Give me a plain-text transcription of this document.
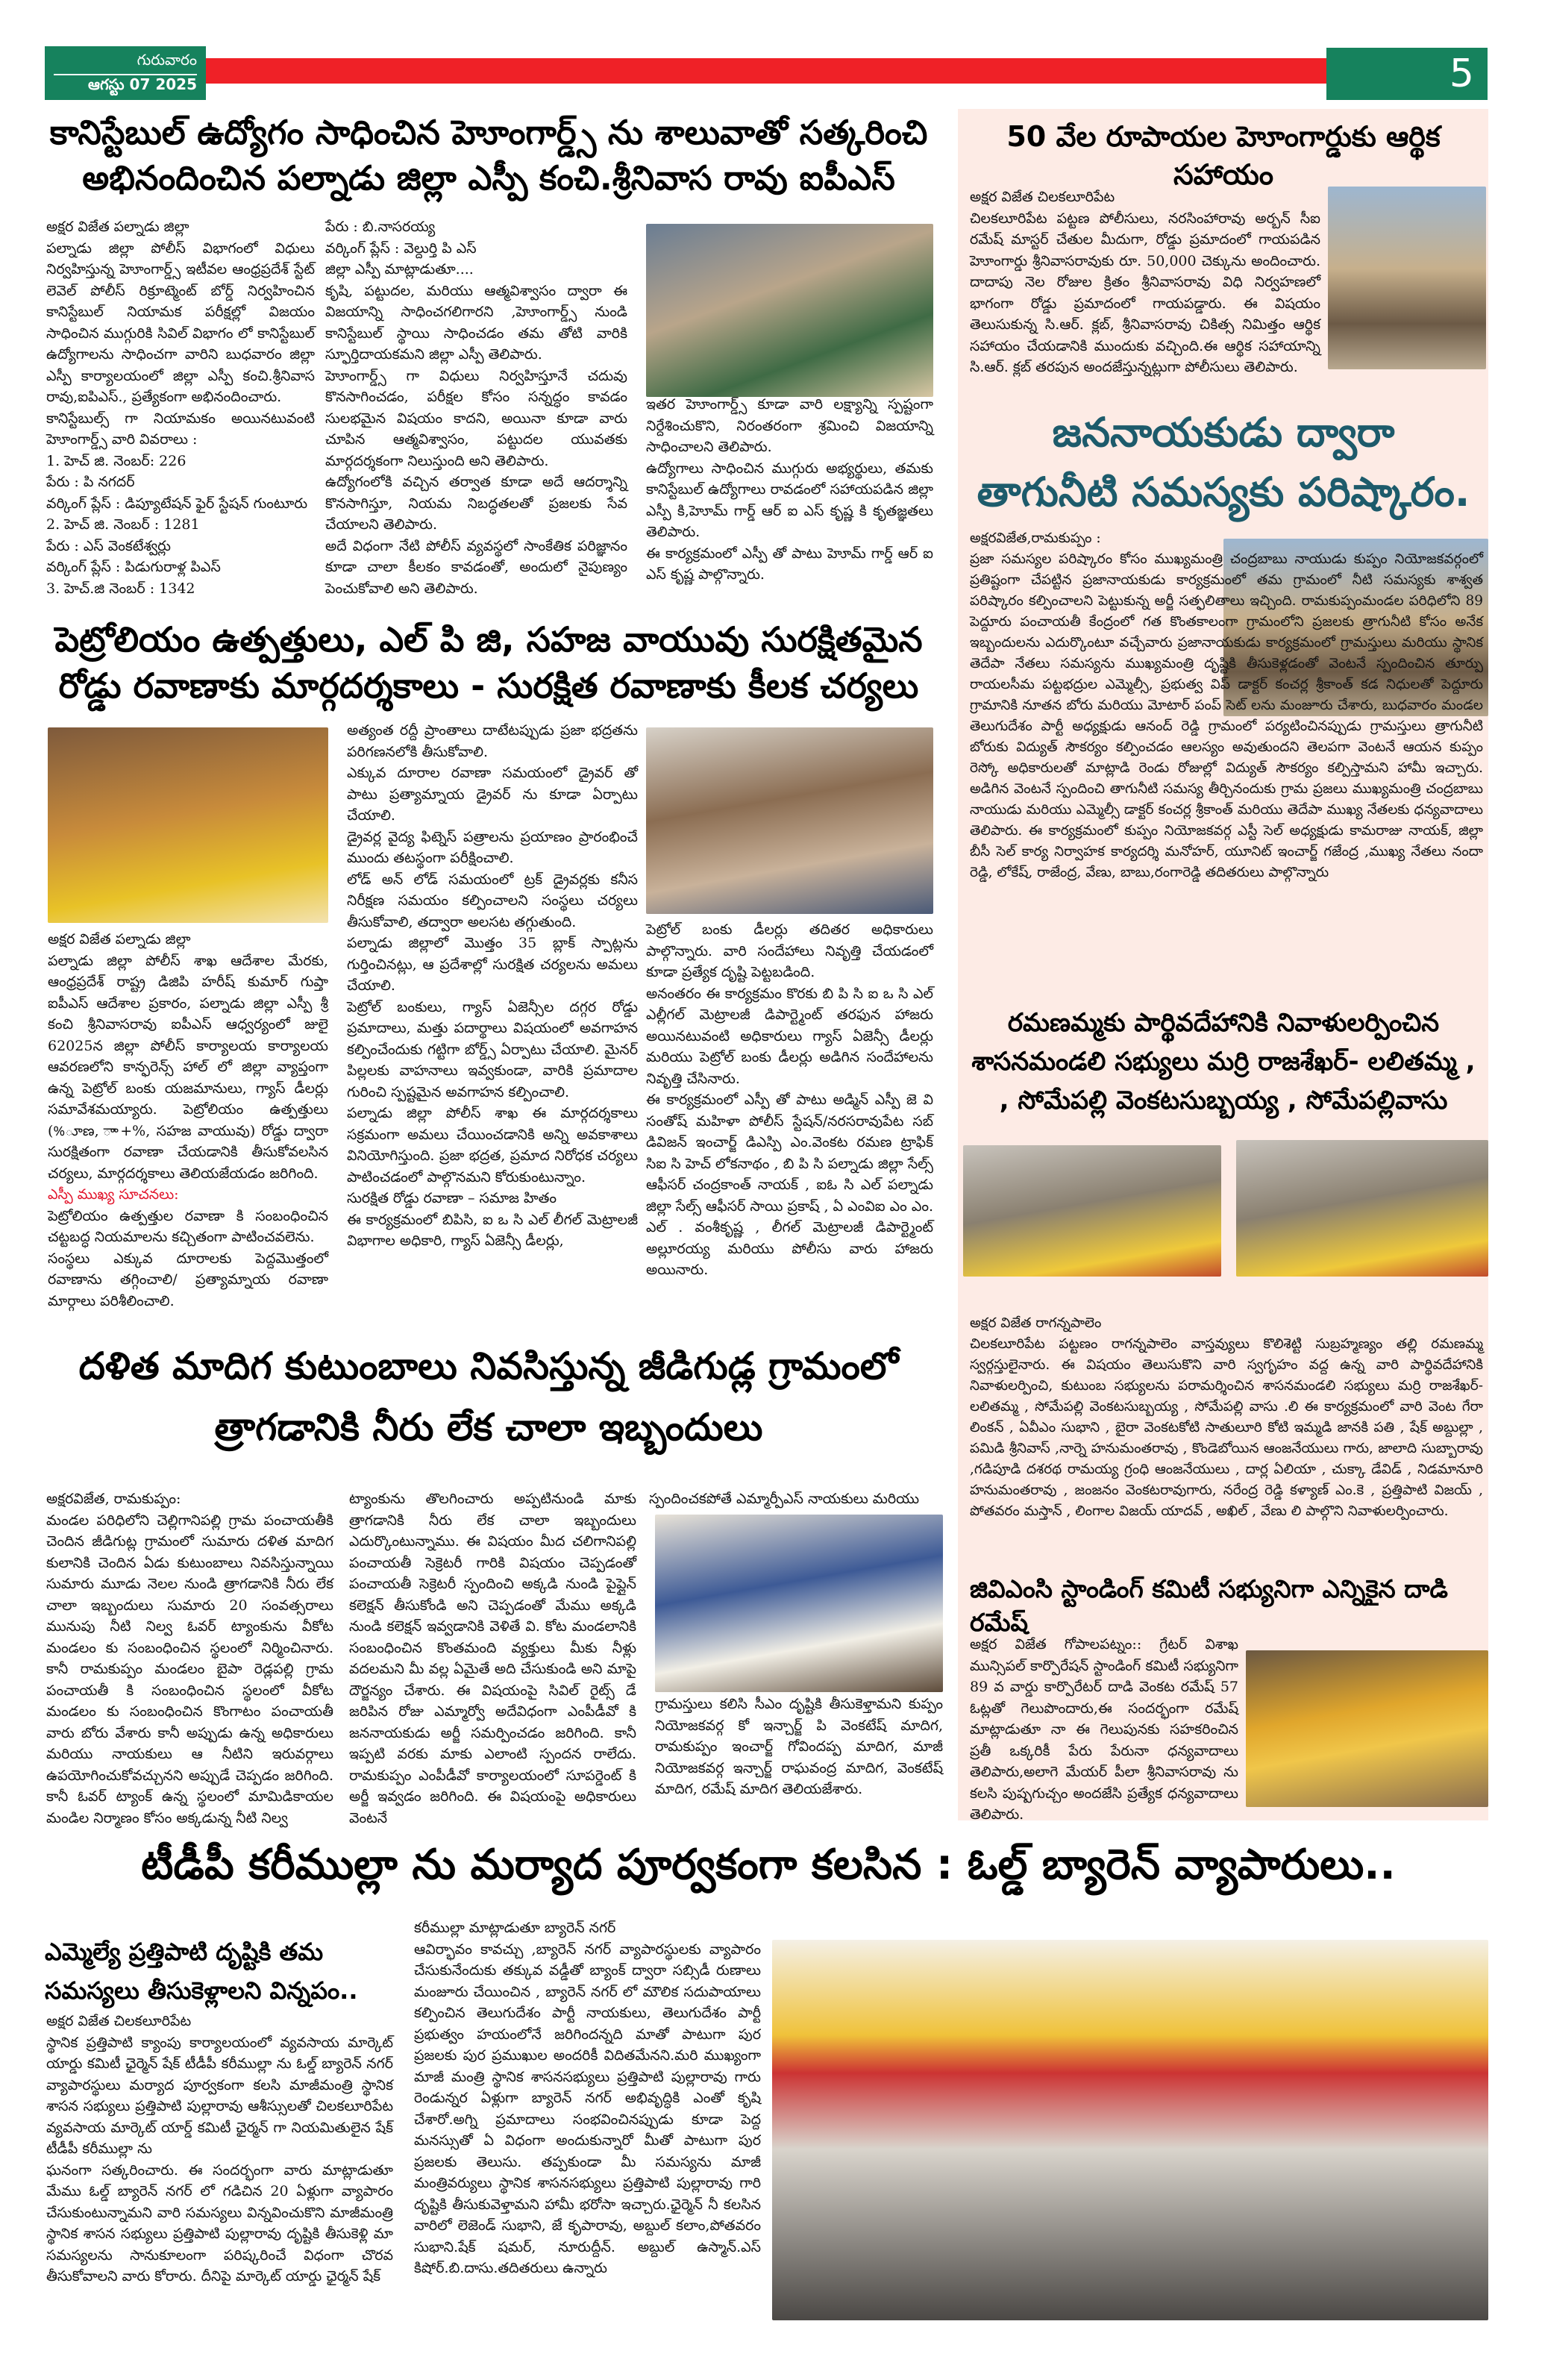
గురువారం
ఆగస్టు 07 2025	5
కానిస్టేబుల్ ఉద్యోగం సాధించిన హెూంగార్డ్స్ ను శాలువాతో సత్కరించి
అభినందించిన పల్నాడు జిల్లా ఎస్పీ కంచి.శ్రీనివాస రావు ఐపీఎస్

అక్షర విజేత పల్నాడు జిల్లా

పల్నాడు జిల్లా పోలీస్ విభాగంలో విధులు నిర్వహిస్తున్న హెూంగార్డ్స్ ఇటీవల ఆంధ్రప్రదేశ్ స్టేట్ లెవెల్ పోలీస్ రిక్రూట్మెంట్ బోర్డ్ నిర్వహించిన కానిస్టేబుల్ నియామక పరీక్షల్లో విజయం సాధించిన ముగ్గురికి సివిల్ విభాగం లో కానిస్టేబుల్ ఉద్యోగాలను సాధించగా వారిని బుధవారం జిల్లా ఎస్పీ కార్యాలయంలో జిల్లా ఎస్పీ కంచి.శ్రీనివాస రావు,ఐపిఎస్., ప్రత్యేకంగా అభినందించారు.

కానిస్టేబుల్స్ గా నియామకం అయినటువంటి హెూంగార్డ్స్ వారి వివరాలు :

1. హెచ్ జి. నెంబర్: 226

పేరు : పి నగదర్

వర్కింగ్ ప్లేస్ : డిప్యూటేషన్ ఫైర్ స్టేషన్ గుంటూరు

2. హెచ్ జి. నెంబర్ : 1281

పేరు : ఎస్ వెంకటేశ్వర్లు

వర్కింగ్ ప్లేస్ : పిడుగురాళ్ల పిఎస్

3. హెచ్.జి నెంబర్ : 1342

పేరు : బి.నాసరయ్య

వర్కింగ్ ప్లేస్ : వెల్దుర్తి పి ఎస్

జిల్లా ఎస్పీ మాట్లాడుతూ....

కృషి, పట్టుదల, మరియు ఆత్మవిశ్వాసం ద్వారా ఈ విజయాన్ని సాధించగలిగారని ,హెూంగార్డ్స్ నుండి కానిస్టేబుల్ స్థాయి సాధించడం తమ తోటి వారికి స్ఫూర్తిదాయకమని జిల్లా ఎస్పీ తెలిపారు.

హెూంగార్డ్స్ గా విధులు నిర్వహిస్తూనే చదువు కొనసాగించడం, పరీక్షల కోసం సన్నద్ధం కావడం సులభమైన విషయం కాదని, అయినా కూడా వారు చూపిన ఆత్మవిశ్వాసం, పట్టుదల యువతకు మార్గదర్శకంగా నిలుస్తుంది అని తెలిపారు.

ఉద్యోగంలోకి వచ్చిన తర్వాత కూడా అదే ఆదర్శాన్ని కొనసాగిస్తూ, నియమ నిబద్ధతలతో ప్రజలకు సేవ చేయాలని తెలిపారు.

అదే విధంగా నేటి పోలీస్ వ్యవస్థలో సాంకేతిక పరిజ్ఞానం కూడా చాలా కీలకం కావడంతో, అందులో నైపుణ్యం పెంచుకోవాలి అని తెలిపారు.

ఇతర హెూంగార్డ్స్ కూడా వారి లక్ష్యాన్ని స్పష్టంగా నిర్దేశించుకొని, నిరంతరంగా శ్రమించి విజయాన్ని సాధించాలని తెలిపారు.

ఉద్యోగాలు సాధించిన ముగ్గురు అభ్యర్థులు, తమకు కానిస్టేబుల్ ఉద్యోగాలు రావడంలో సహాయపడిన జిల్లా ఎస్పీ కి,హెూమ్ గార్డ్ ఆర్ ఐ ఎస్ కృష్ణ కి కృతజ్ఞతలు తెలిపారు.

ఈ కార్యక్రమంలో ఎస్పీ తో పాటు హెూమ్ గార్డ్ ఆర్ ఐ ఎస్ కృష్ణ పాల్గొన్నారు.

పెట్రోలియం ఉత్పత్తులు, ఎల్ పి జి, సహజ వాయువు సురక్షితమైన
రోడ్డు రవాణాకు మార్గదర్శకాలు - సురక్షిత రవాణాకు కీలక చర్యలు

అక్షర విజేత పల్నాడు జిల్లా

పల్నాడు జిల్లా పోలీస్ శాఖ ఆదేశాల మేరకు, ఆంధ్రప్రదేశ్ రాష్ట్ర డిజిపి హరీష్ కుమార్ గుప్తా ఐపీఎస్ ఆదేశాల ప్రకారం, పల్నాడు జిల్లా ఎస్పీ శ్రీ కంచి శ్రీనివాసరావు ఐపీఎస్ ఆధ్వర్యంలో జులై 62025న జిల్లా పోలీస్ కార్యాలయ కార్యాలయ ఆవరణలోని కాన్ఫరెన్స్ హాల్ లో జిల్లా వ్యాప్తంగా ఉన్న పెట్రోల్ బంకు యజమానులు, గ్యాస్ డీలర్లు సమావేశమయ్యారు. పెట్రోలియం ఉత్పత్తులు (%ూణ, ాా+%, సహజ వాయువు) రోడ్డు ద్వారా సురక్షితంగా రవాణా చేయడానికి తీసుకోవలసిన చర్యలు, మార్గదర్శకాలు తెలియజేయడం జరిగింది.

ఎస్పీ ముఖ్య సూచనలు:

పెట్రోలియం ఉత్పత్తుల రవాణా కి సంబంధించిన చట్టబద్ధ నియమాలను కచ్చితంగా పాటించవలెను.

సంస్థలు ఎక్కువ దూరాలకు పెద్దమొత్తంలో రవాణాను తగ్గించాలి/ ప్రత్యామ్నాయ రవాణా మార్గాలు పరిశీలించాలి.

అత్యంత రద్దీ ప్రాంతాలు దాటేటప్పుడు ప్రజా భద్రతను పరిగణనలోకి తీసుకోవాలి.

ఎక్కువ దూరాల రవాణా సమయంలో డ్రైవర్ తో పాటు ప్రత్యామ్నాయ డ్రైవర్ ను కూడా ఏర్పాటు చేయాలి.

డ్రైవర్ల వైద్య ఫిట్నెస్ పత్రాలను ప్రయాణం ప్రారంభించే ముందు తటస్థంగా పరీక్షించాలి.

లోడ్ అన్ లోడ్ సమయంలో ట్రక్ డ్రైవర్లకు కనీస నిరీక్షణ సమయం కల్పించాలని సంస్థలు చర్యలు తీసుకోవాలి, తద్వారా అలసట తగ్గుతుంది.

పల్నాడు జిల్లాలో మొత్తం 35 బ్లాక్ స్పాట్లను గుర్తించినట్లు, ఆ ప్రదేశాల్లో సురక్షిత చర్యలను అమలు చేయాలి.

పెట్రోల్ బంకులు, గ్యాస్ ఏజెన్సీల దగ్గర రోడ్డు ప్రమాదాలు, మత్తు పదార్థాలు విషయంలో అవగాహన కల్పించేందుకు గట్టిగా బోర్డ్స్ ఏర్పాటు చేయాలి. మైనర్ పిల్లలకు వాహనాలు ఇవ్వకుండా, వారికి ప్రమాదాల గురించి స్పష్టమైన అవగాహన కల్పించాలి.

పల్నాడు జిల్లా పోలీస్ శాఖ ఈ మార్గదర్శకాలు సక్రమంగా అమలు చేయించడానికి అన్ని అవకాశాలు వినియోగిస్తుంది. ప్రజా భద్రత, ప్రమాద నిరోధక చర్యలు పాటించడంలో పాల్గొనమని కోరుకుంటున్నాం.

సురక్షిత రోడ్డు రవాణా – సమాజ హితం

ఈ కార్యక్రమంలో బిపిసి, ఐ ఒ సి ఎల్ లీగల్ మెట్రాలజీ విభాగాల అధికారి, గ్యాస్ ఏజెన్సీ డీలర్లు,

పెట్రోల్ బంకు డీలర్లు తదితర అధికారులు పాల్గొన్నారు. వారి సందేహాలు నివృత్తి చేయడంలో కూడా ప్రత్యేక దృష్టి పెట్టబడింది.

అనంతరం ఈ కార్యక్రమం కొరకు బి పి సి ఐ ఒ సి ఎల్ ఎల్లీగల్ మెట్రాలజీ డిపార్ట్మెంట్ తరఫున హాజరు అయినటువంటి అధికారులు గ్యాస్ ఏజెన్సీ డీలర్లు మరియు పెట్రోల్ బంకు డీలర్లు అడిగిన సందేహాలను నివృత్తి చేసినారు.

ఈ కార్యక్రమంలో ఎస్పీ తో పాటు అడ్మిన్ ఎస్పీ జె వి సంతోష్ మహిళా పోలీస్ స్టేషన్/నరసరావుపేట సబ్ డివిజన్ ఇంచార్జ్ డిఎస్పి ఎం.వెంకట రమణ ట్రాఫిక్ సిఐ సి హెచ్ లోకనాథం , బి పి సి పల్నాడు జిల్లా సేల్స్ ఆఫీసర్ చంద్రకాంత్ నాయక్ , ఐఓ సి ఎల్ పల్నాడు జిల్లా సేల్స్ ఆఫీసర్ సాయి ప్రకాష్ , ఏ ఎంవిఐ ఎం ఎం. ఎల్ . వంశీకృష్ణ , లీగల్ మెట్రాలజీ డిపార్ట్మెంట్ అల్లూరయ్య మరియు పోలీసు వారు హాజరు అయినారు.

దళిత మాదిగ కుటుంబాలు నివసిస్తున్న జీడిగుడ్ల గ్రామంలో
త్రాగడానికి నీరు లేక చాలా ఇబ్బందులు

అక్షరవిజేత, రామకుప్పం:

మండల పరిధిలోని చెల్లిగానిపల్లి గ్రామ పంచాయతీకి చెందిన జీడిగుట్ల గ్రామంలో సుమారు దళిత మాదిగ కులానికి చెందిన ఏడు కుటుంబాలు నివసిస్తున్నాయి సుమారు మూడు నెలల నుండి త్రాగడానికి నీరు లేక చాలా ఇబ్బందులు సుమారు 20 సంవత్సరాలు మునుపు నీటి నిల్వ ఓవర్ ట్యాంకును వీకోట మండలం కు సంబంధించిన స్థలంలో నిర్మించినారు. కానీ రామకుప్పం మండలం బైపా రెడ్లపల్లి గ్రామ పంచాయతీ కి సంబంధించిన స్థలంలో వీకోట మండలం కు సంబంధించిన కొంగాటం పంచాయతీ వారు బోరు వేశారు కానీ అప్పుడు ఉన్న అధికారులు మరియు నాయకులు ఆ నీటిని ఇరువర్గాలు ఉపయోగించుకోవచ్చునని అప్పుడే చెప్పడం జరిగింది. కానీ ఓవర్ ట్యాంక్ ఉన్న స్థలంలో మామిడికాయల మండిల నిర్మాణం కోసం అక్కడున్న నీటి నిల్వ

ట్యాంకును తొలగించారు అప్పటినుండి మాకు త్రాగడానికి నీరు లేక చాలా ఇబ్బందులు ఎదుర్కొంటున్నాము. ఈ విషయం మీద చలిగానిపల్లి పంచాయతీ సెక్రెటరీ గారికి విషయం చెప్పడంతో పంచాయతీ సెక్రెటరీ స్పందించి అక్కడి నుండి పైప్లైన్ కలెక్షన్ తీసుకోండి అని చెప్పడంతో మేము అక్కడి నుండి కలెక్షన్ ఇవ్వడానికి వెళితే వి. కోట మండలానికి సంబంధించిన కొంతమంది వ్యక్తులు మీకు నీళ్లు వదలమని మీ వల్ల ఏమైతే అది చేసుకుండి అని మాపై దౌర్జన్యం చేశారు. ఈ విషయంపై సివిల్ రైట్స్ డే జరిపిన రోజు ఎమ్మార్వో అదేవిధంగా ఎంపీడీవో కి జననాయకుడు అర్జీ సమర్పించడం జరిగింది. కానీ ఇప్పటి వరకు మాకు ఎలాంటి స్పందన రాలేదు. రామకుప్పం ఎంపీడీవో కార్యాలయంలో సూపర్డెంట్ కి అర్జీ ఇవ్వడం జరిగింది. ఈ విషయంపై అధికారులు వెంటనే

స్పందించకపోతే ఎమ్మార్పీఎస్ నాయకులు మరియు

గ్రామస్తులు కలిసి సీఎం దృష్టికి తీసుకెళ్తామని కుప్పం నియోజకవర్గ కో ఇన్చార్జ్ పి వెంకటేష్ మాదిగ, రామకుప్పం ఇంచార్జ్ గోవిందప్ప మాదిగ, మాజీ నియోజకవర్గ ఇన్చార్జ్ రాఘవంద్ర మాదిగ, వెంకటేష్ మాదిగ, రమేష్ మాదిగ తెలియజేశారు.

50 వేల రూపాయల హెూంగార్డుకు ఆర్థిక సహాయం

అక్షర విజేత చిలకలూరిపేట

చిలకలూరిపేట పట్టణ పోలీసులు, నరసింహారావు అర్బన్ సీఐ రమేష్ మాస్టర్ చేతుల మీదుగా, రోడ్డు ప్రమాదంలో గాయపడిన హెూంగార్డు శ్రీనివాసరావుకు రూ. 50,000 చెక్కును అందించారు. దాదాపు నెల రోజుల క్రితం శ్రీనివాసరావు విధి నిర్వహణలో భాగంగా రోడ్డు ప్రమాదంలో గాయపడ్డారు. ఈ విషయం తెలుసుకున్న సి.ఆర్. క్లబ్, శ్రీనివాసరావు చికిత్స నిమిత్తం ఆర్థిక సహాయం చేయడానికి ముందుకు వచ్చింది.ఈ ఆర్థిక సహాయాన్ని సి.ఆర్. క్లబ్ తరపున అందజేస్తున్నట్లుగా పోలీసులు తెలిపారు.

జననాయకుడు ద్వారా
తాగునీటి సమస్యకు పరిష్కారం.

అక్షరవిజేత,రామకుప్పం :

ప్రజా సమస్యల పరిష్కారం కోసం ముఖ్యమంత్రి చంద్రబాబు నాయుడు కుప్పం నియోజకవర్గంలో ప్రతిష్టంగా చేపట్టిన ప్రజానాయకుడు కార్యక్రమంలో తమ గ్రామంలో నీటి సమస్యకు శాశ్వత పరిష్కారం కల్పించాలని పెట్టుకున్న అర్జీ సత్ఫలితాలు ఇచ్చింది. రామకుప్పంమండల పరిధిలోని 89 పెద్దూరు పంచాయతీ కేంద్రంలో గత కొంతకాలంగా గ్రామంలోని ప్రజలకు త్రాగునీటి కోసం అనేక ఇబ్బందులను ఎదుర్కొంటూ వచ్చేవారు ప్రజానాయకుడు కార్యక్రమంలో గ్రామస్తులు మరియు స్థానిక తెదేపా నేతలు సమస్యను ముఖ్యమంత్రి దృష్టికి తీసుకెళ్లడంతో వెంటనే స్పందించిన తూర్పు రాయలసీమ పట్టభద్రుల ఎమ్మెల్సీ, ప్రభుత్వ విప్ డాక్టర్ కంచర్ల శ్రీకాంత్ కడ నిధులతో పెద్దూరు గ్రామానికి నూతన బోరు మరియు మోటార్ పంప్ సెట్ లను మంజూరు చేశారు, బుధవారం మండల తెలుగుదేశం పార్టీ అధ్యక్షుడు ఆనంద్ రెడ్డి గ్రామంలో పర్యటించినప్పుడు గ్రామస్తులు త్రాగునీటి బోరుకు విద్యుత్ సౌకర్యం కల్పించడం ఆలస్యం అవుతుందని తెలపగా వెంటనే ఆయన కుప్పం రెస్కో అధికారులతో మాట్లాడి రెండు రోజుల్లో విద్యుత్ సౌకర్యం కల్పిస్తామని హామీ ఇచ్చారు. అడిగిన వెంటనే స్పందించి తాగునీటి సమస్య తీర్చినందుకు గ్రామ ప్రజలు ముఖ్యమంత్రి చంద్రబాబు నాయుడు మరియు ఎమ్మెల్సీ డాక్టర్ కంచర్ల శ్రీకాంత్ మరియు తెదేపా ముఖ్య నేతలకు ధన్యవాదాలు తెలిపారు. ఈ కార్యక్రమంలో కుప్పం నియోజకవర్గ ఎస్టీ సెల్ అధ్యక్షుడు కామరాజు నాయక్, జిల్లా బీసీ సెల్ కార్య నిర్వాహక కార్యదర్శి మనోహర్, యూనిట్ ఇంచార్జ్ గజేంద్ర ,ముఖ్య నేతలు నందా రెడ్డి, లోకేష్, రాజేంద్ర, వేణు, బాబు,రంగారెడ్డి తదితరులు పాల్గొన్నారు

రమణమ్మకు పార్థివదేహానికి నివాళులర్పించిన
శాసనమండలి సభ్యులు మర్రి రాజశేఖర్- లలితమ్మ ,
, సోమేపల్లి వెంకటసుబ్బయ్య , సోమేపల్లివాసు

అక్షర విజేత రాగన్నపాలెం

చిలకలూరిపేట పట్టణం రాగన్నపాలెం వాస్తవ్యులు కొలిశెట్టి సుబ్రహ్మణ్యం తల్లి రమణమ్మ స్వర్గస్తులైనారు. ఈ విషయం తెలుసుకొని వారి స్వగృహం వద్ద ఉన్న వారి పార్థివదేహానికి నివాళులర్పించి, కుటుంబ సభ్యులను పరామర్శించిన శాసనమండలి సభ్యులు మర్రి రాజశేఖర్- లలితమ్మ , సోమేపల్లి వెంకటసుబ్బయ్య , సోమేపల్లి వాసు .లి ఈ కార్యక్రమంలో వారి వెంట గేరా లింకన్ , ఏవీఎం సుభాని , బైరా వెంకటకోటి సాతులూరి కోటి ఇమ్మడి జానకి పతి , షేక్ అబ్దుల్లా , పమిడి శ్రీనివాస్ ,నార్నె హనుమంతరావు , కొండెబోయిన ఆంజనేయులు గారు, జాలాది సుబ్బారావు ,గడిపూడి దశరథ రామయ్య గ్రంధి ఆంజనేయులు , దార్ల ఏలియా , చుక్కా డేవిడ్ , నిడమానూరి హనుమంతరావు , జంజనం వెంకటరావుగారు, నరేంద్ర రెడ్డి కళ్యాణ్ ఎం.కె , ప్రత్తిపాటి విజయ్ , పోతవరం మస్తాన్ , లింగాల విజయ్ యాదవ్ , అఖిల్ , వేణు లి పాల్గొని నివాళులర్పించారు.

జివిఎంసి స్టాండింగ్ కమిటీ సభ్యునిగా ఎన్నికైన దాడి రమేష్

అక్షర విజేత గోపాలపట్నం:: గ్రేటర్ విశాఖ మున్సిపల్ కార్పొరేషన్ స్టాండింగ్ కమిటీ సభ్యునిగా 89 వ వార్డు కార్పొరేటర్ దాడి వెంకట రమేష్ 57 ఓట్లతో గెలుపొందారు,ఈ సందర్భంగా రమేష్ మాట్లాడుతూ నా ఈ గెలుపునకు సహకరించిన ప్రతీ ఒక్కరికీ పేరు పేరునా ధన్యవాదాలు తెలిపారు,అలాగె మేయర్ పీలా శ్రీనివాసరావు ను కలసి పుష్పగుచ్చం అందజేసి ప్రత్యేక ధన్యవాదాలు తెలిపారు.

టీడీపీ కరీముల్లా ను మర్యాద పూర్వకంగా కలసిన : ఓల్డ్ బ్యారెన్ వ్యాపారులు..
ఎమ్మెల్యే ప్రత్తిపాటి దృష్టికి తమ
సమస్యలు తీసుకెళ్లాలని విన్నపం..

అక్షర విజేత చిలకలూరిపేట

స్థానిక ప్రత్తిపాటి క్యాంపు కార్యాలయంలో వ్యవసాయ మార్కెట్ యార్డు కమిటీ ఛైర్మెన్ షేక్ టీడీపీ కరీముల్లా ను ఓల్డ్ బ్యారెన్ నగర్ వ్యాపారస్థులు మర్యాద పూర్వకంగా కలసి మాజీమంత్రి స్థానిక శాసన సభ్యులు ప్రత్తిపాటి పుల్లారావు ఆశీస్సులతో చిలకలూరిపేట వ్యవసాయ మార్కెట్ యార్డ్ కమిటీ ఛైర్మన్ గా నియమితులైన షేక్ టీడీపీ కరీముల్లా ను

ఘనంగా సత్కరించారు. ఈ సందర్భంగా వారు మాట్లాడుతూ మేము ఓల్డ్ బ్యారెన్ నగర్ లో గడిచిన 20 ఏళ్లుగా వ్యాపారం చేసుకుంటున్నామని వారి సమస్యలు విన్నవించుకొని మాజీమంత్రి స్థానిక శాసన సభ్యులు ప్రత్తిపాటి పుల్లారావు దృష్టికి తీసుకెళ్లి మా సమస్యలను సానుకూలంగా పరిష్కరించే విధంగా చొరవ తీసుకోవాలని వారు కోరారు. దీనిపై మార్కెట్ యార్డు ఛైర్మన్ షేక్

కరీముల్లా మాట్లాడుతూ బ్యారెన్ నగర్

ఆవిర్భావం కావచ్చు ,బ్యారెన్ నగర్ వ్యాపారస్థులకు వ్యాపారం చేసుకునేందుకు తక్కువ వడ్డీతో బ్యాంక్ ద్వారా సబ్సిడీ రుణాలు మంజూరు చేయించిన , బ్యారెన్ నగర్ లో మౌలిక సదుపాయాలు కల్పించిన తెలుగుదేశం పార్టీ నాయకులు, తెలుగుదేశం పార్టీ ప్రభుత్వం హయంలోనే జరిగిందన్నది మాతో పాటుగా పుర ప్రజలకు పుర ప్రముఖుల అందరికీ విదితమేనని.మరి ముఖ్యంగా మాజీ మంత్రి స్థానిక శాసనసభ్యులు ప్రత్తిపాటి పుల్లారావు గారు రెండున్నర ఏళ్లుగా బ్యారెన్ నగర్ అభివృద్ధికి ఎంతో కృషి చేశారో.అగ్ని ప్రమాదాలు సంభవించినప్పుడు కూడా పెద్ద మనస్సుతో ఏ విధంగా అందుకున్నారో మీతో పాటుగా పుర ప్రజలకు తెలుసు. తప్పకుండా మీ సమస్యను మాజీ మంత్రివర్యులు స్థానిక శాసనసభ్యులు ప్రత్తిపాటి పుల్లారావు గారి దృష్టికి తీసుకువెళ్తామని హామీ భరోసా ఇచ్చారు.ఛైర్మెన్ నీ కలసిన వారిలో లెజెండ్ సుభాని, జే కృపారావు, అబ్దుల్ కలాం,పోతవరం సుభాని.షేక్ షమర్, నూరుద్దీన్. అబ్దుల్ ఉస్మాన్.ఎస్ కిషోర్.బి.దాసు.తదితరులు ఉన్నారు
